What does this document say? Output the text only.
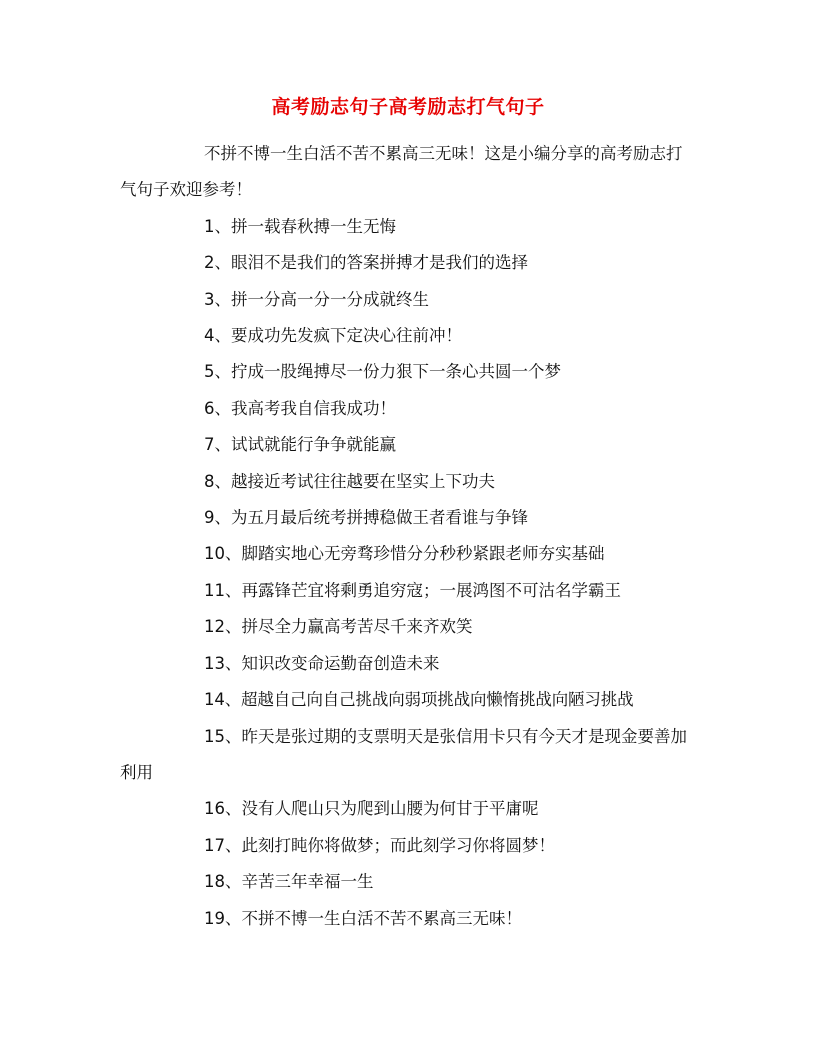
高考励志句子高考励志打气句子

不拼不博一生白活不苦不累高三无味！这是小编分享的高考励志打气句子欢迎参考！

1、拼一载春秋搏一生无悔

2、眼泪不是我们的答案拼搏才是我们的选择

3、拼一分高一分一分成就终生

4、要成功先发疯下定决心往前冲！

5、拧成一股绳搏尽一份力狠下一条心共圆一个梦

6、我高考我自信我成功！

7、试试就能行争争就能赢

8、越接近考试往往越要在坚实上下功夫

9、为五月最后统考拼搏稳做王者看谁与争锋

10、脚踏实地心无旁骛珍惜分分秒秒紧跟老师夯实基础

11、再露锋芒宜将剩勇追穷寇；一展鸿图不可沽名学霸王

12、拼尽全力赢高考苦尽千来齐欢笑

13、知识改变命运勤奋创造未来

14、超越自己向自己挑战向弱项挑战向懒惰挑战向陋习挑战

15、昨天是张过期的支票明天是张信用卡只有今天才是现金要善加利用

16、没有人爬山只为爬到山腰为何甘于平庸呢

17、此刻打盹你将做梦；而此刻学习你将圆梦！

18、辛苦三年幸福一生

19、不拼不博一生白活不苦不累高三无味！
